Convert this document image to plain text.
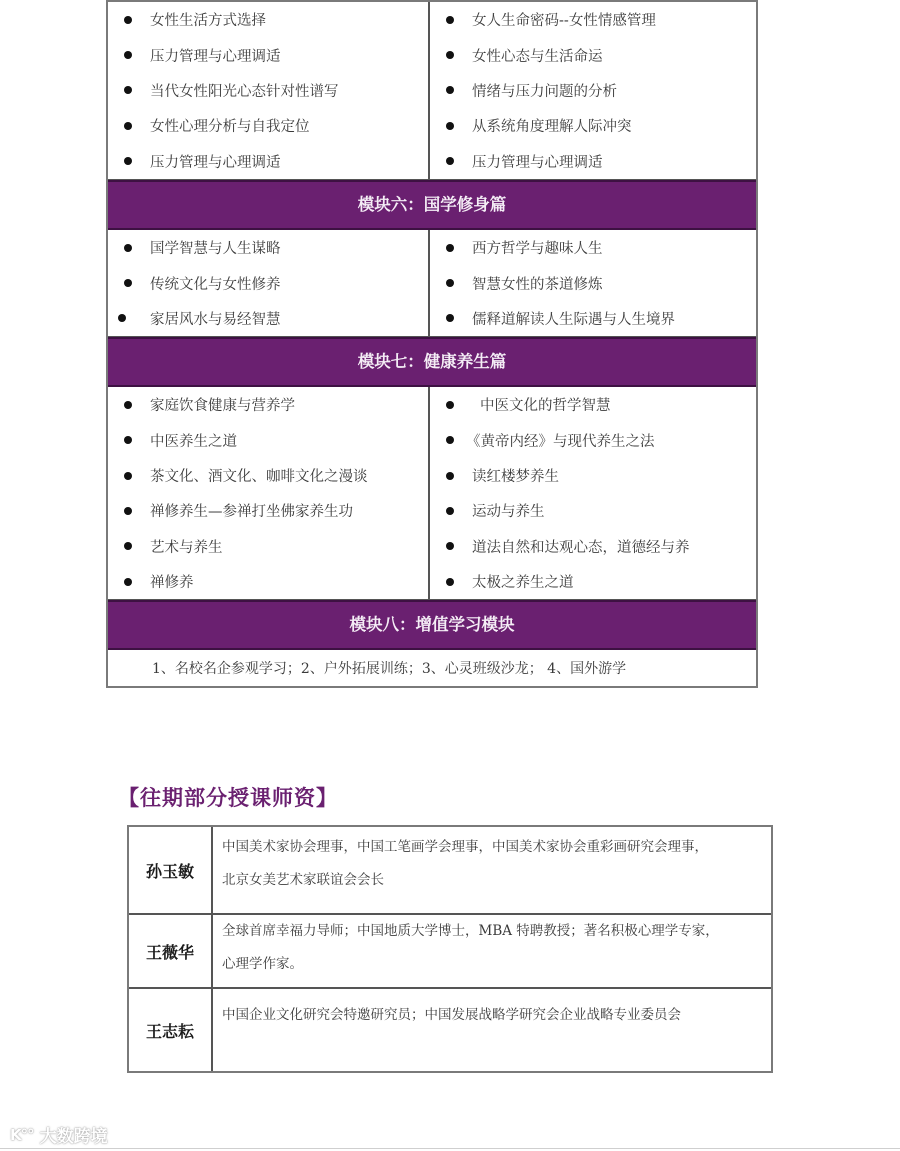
女性生活方式选择
压力管理与心理调适
当代女性阳光心态针对性谱写
女性心理分析与自我定位
压力管理与心理调适
女人生命密码--女性情感管理
女性心态与生活命运
情绪与压力问题的分析
从系统角度理解人际冲突
压力管理与心理调适
模块六：国学修身篇
国学智慧与人生谋略
传统文化与女性修养
家居风水与易经智慧
西方哲学与趣味人生
智慧女性的茶道修炼
儒释道解读人生际遇与人生境界
模块七：健康养生篇
家庭饮食健康与营养学
中医养生之道
茶文化、酒文化、咖啡文化之漫谈
禅修养生—参禅打坐佛家养生功
艺术与养生
禅修养
中医文化的哲学智慧
《黄帝内经》与现代养生之法
读红楼梦养生
运动与养生
道法自然和达观心态，道德经与养
太极之养生之道
模块八：增值学习模块
1、名校名企参观学习；2、户外拓展训练；3、心灵班级沙龙； 4、国外游学
【往期部分授课师资】
孙玉敏
中国美术家协会理事，中国工笔画学会理事，中国美术家协会重彩画研究会理事，
北京女美艺术家联谊会会长
王薇华
全球首席幸福力导师；中国地质大学博士，MBA 特聘教授；著名积极心理学专家，
心理学作家。
王志耘
中国企业文化研究会特邀研究员；中国发展战略学研究会企业战略专业委员会
K°° 大数跨境
